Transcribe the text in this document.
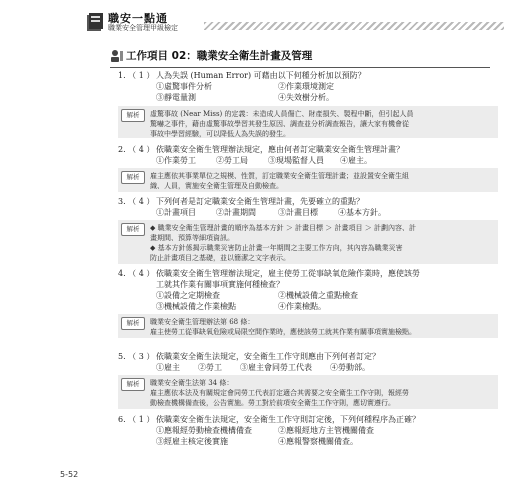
職安一點通
職業安全管理甲級檢定
工作項目 02：職業安全衛生計畫及管理
1. （ 1 ） 人為失誤 (Human Error) 可藉由以下何種分析加以預防？
①虛驚事件分析	②作業環境測定
③靜電量測	④失效樹分析。
解析	虛驚事故 (Near Miss) 的定義：未造成人員傷亡、財產損失、製程中斷，但引起人員
驚嚇之事件，藉由虛驚事故學習其發生原因、調查並分析調查報告，讓大家有機會從
事故中學習經驗，可以降低人為失誤的發生。
2. （ 4 ） 依職業安全衛生管理辦法規定，應由何者訂定職業安全衛生管理計畫？
①作業勞工	②勞工局	③現場監督人員 ④雇主。
解析	雇主應依其事業單位之規模、性質，訂定職業安全衛生管理計畫；並設置安全衛生組
織、人員，實施安全衛生管理及自動檢查。
3. （ 4 ） 下列何者是訂定職業安全衛生管理計畫，先要確立的重點？
①計畫項目	②計畫期間	③計畫目標	④基本方針。
解析	◆ 職業安全衛生管理計畫的順序為基本方針 ＞ 計畫目標 ＞ 計畫項目 ＞ 計劃內容、計
畫期間、預算等細項資訊。
◆ 基本方針係揭示職業災害防止計畫一年期間之主要工作方向，其內容為職業災害
防止計畫項目之基礎，並以簡潔之文字表示。
4. （ 4 ） 依職業安全衛生管理辦法規定，雇主使勞工從事缺氧危險作業時，應使該勞
工就其作業有關事項實施何種檢查？
①設備之定期檢查	②機械設備之重點檢查
③機械設備之作業檢點	④作業檢點。
解析	職業安全衛生管理辦法第 68 條：
雇主使勞工從事缺氧危險或局限空間作業時，應使該勞工就其作業有關事項實施檢點。
5. （ 3 ） 依職業安全衛生法規定，安全衛生工作守則應由下列何者訂定？
①雇主 ②勞工 ③雇主會同勞工代表 ④勞動部。
解析	職業安全衛生法第 34 條：
雇主應依本法及有關規定會同勞工代表訂定適合其需要之安全衛生工作守則，報經勞
動檢查機構備查後，公告實施。勞工對於前項安全衛生工作守則，應切實遵行。
6. （ 1 ） 依職業安全衛生法規定，安全衛生工作守則訂定後，下列何種程序為正確？
①應報經勞動檢查機構備查	②應報經地方主管機關備查
③經雇主核定後實施	④應報警察機關備查。
5-52
